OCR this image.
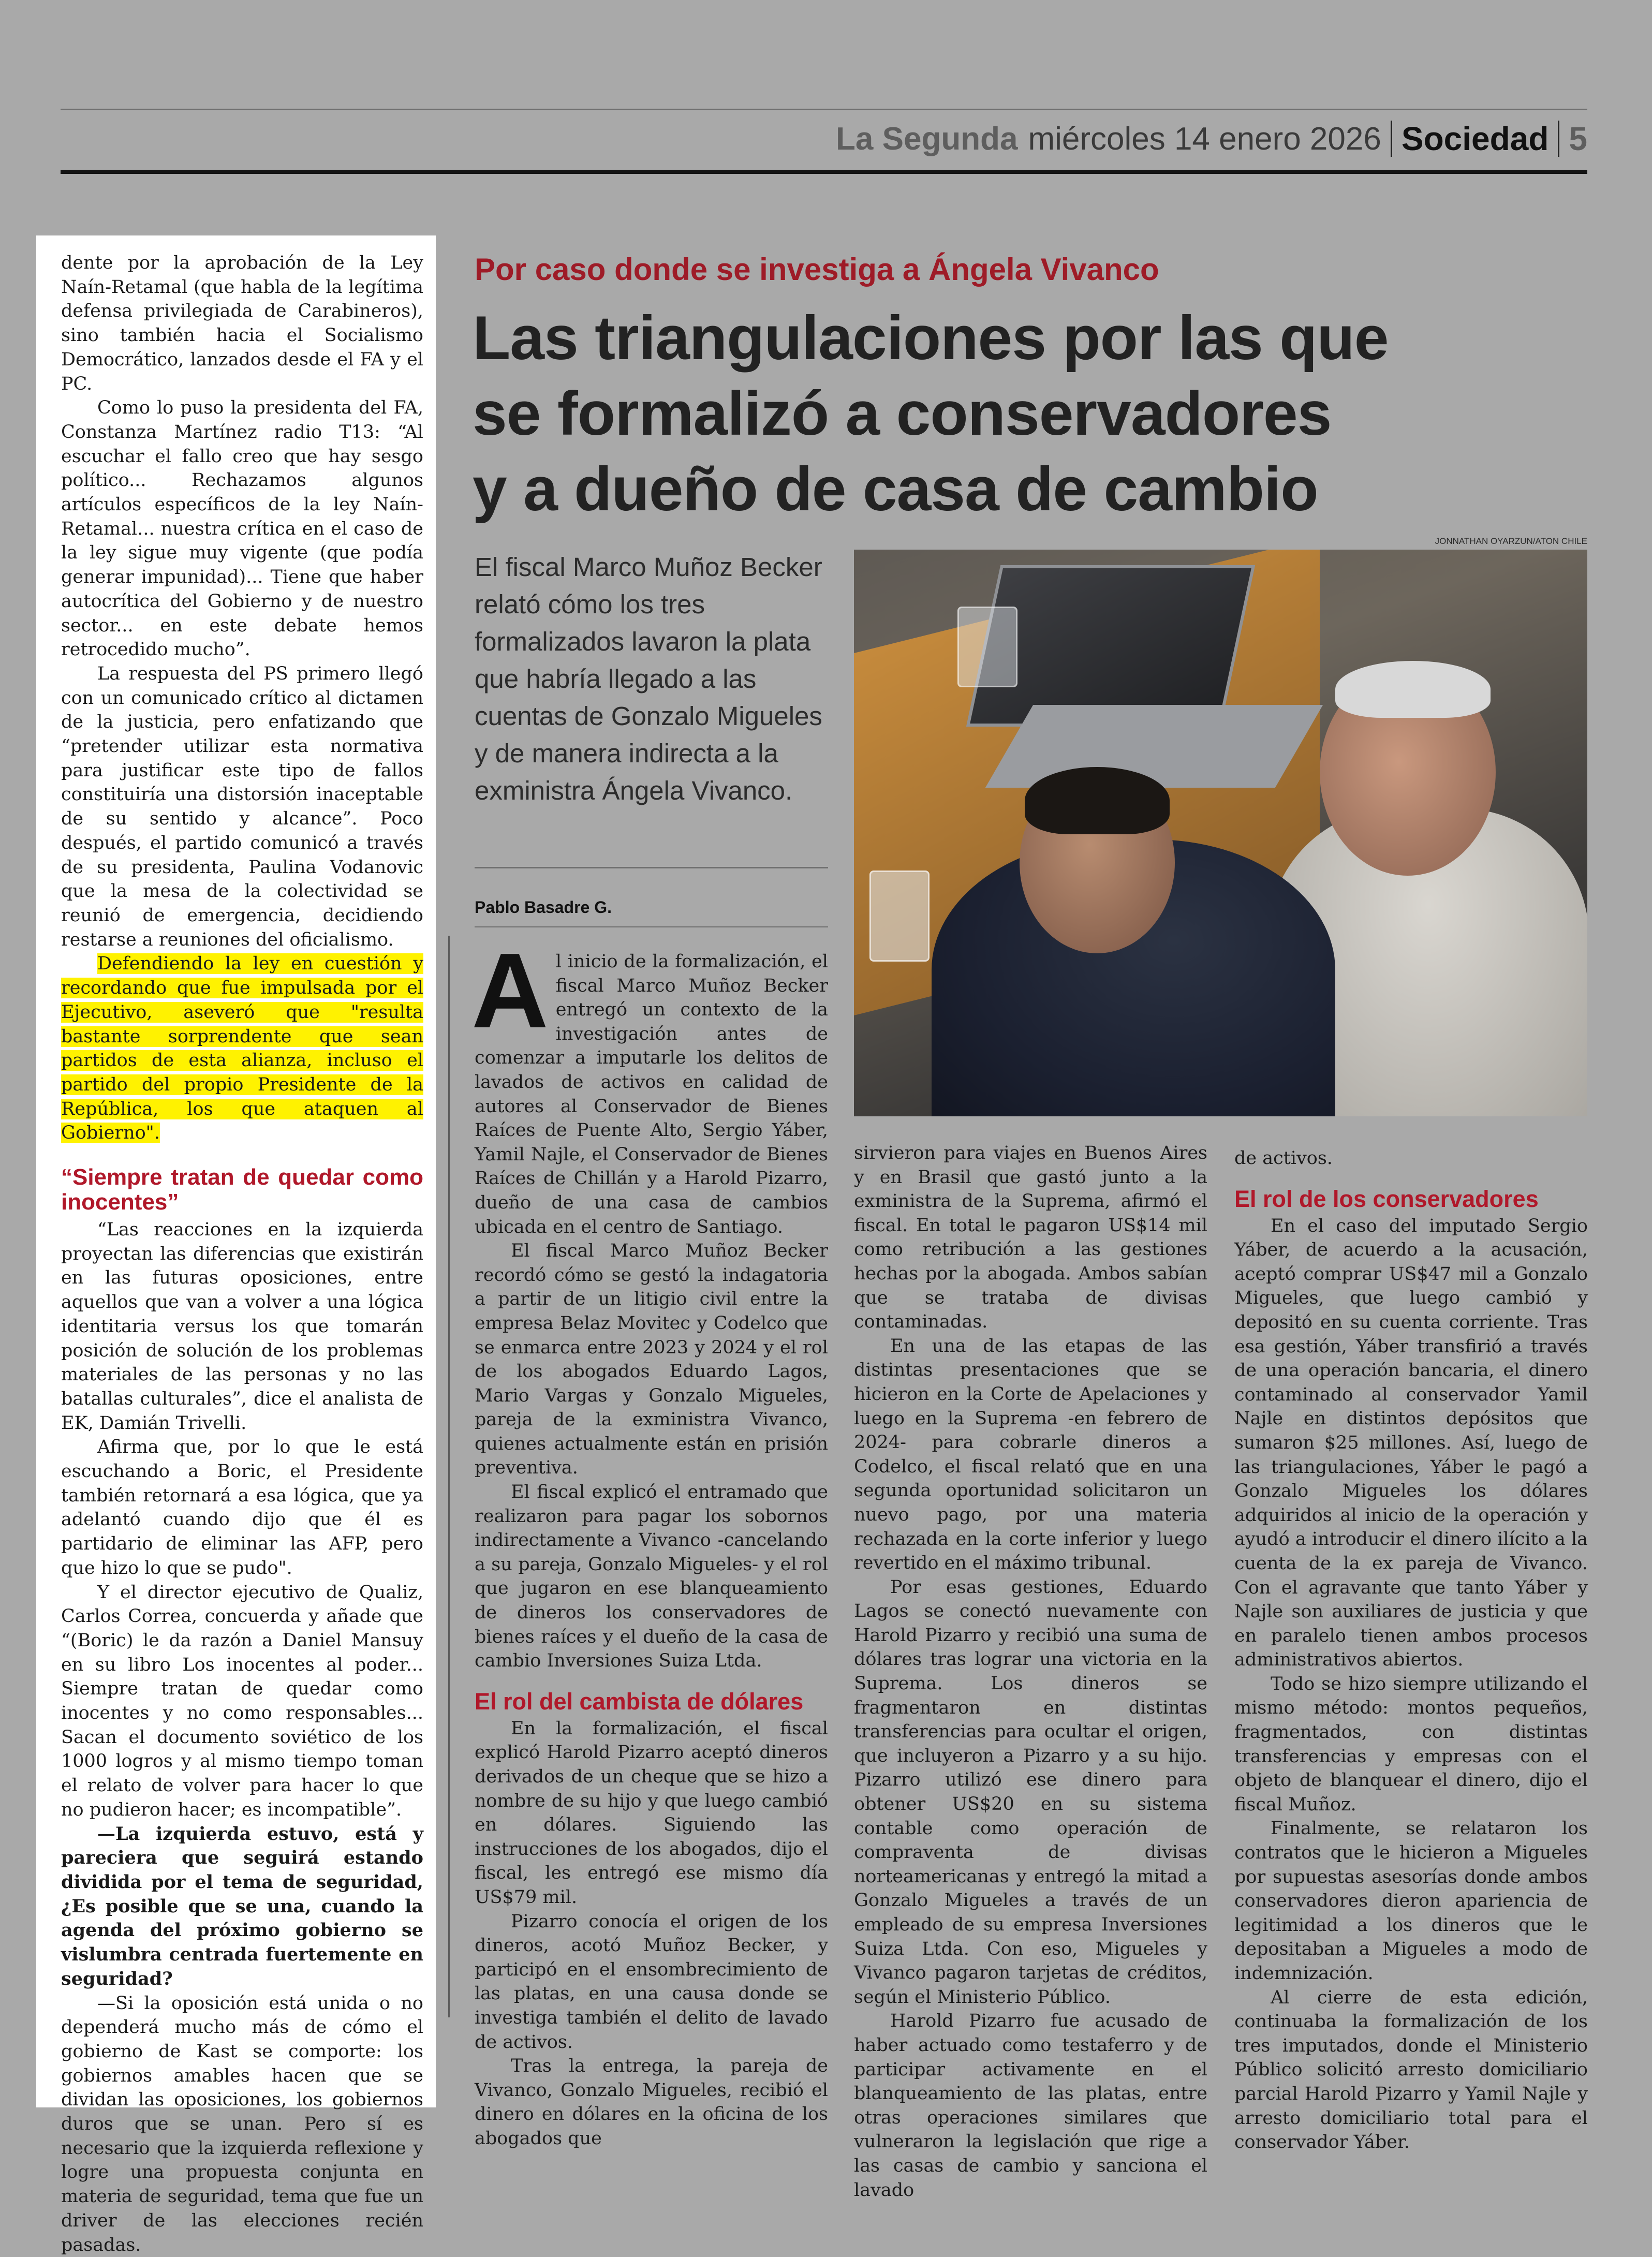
La Segunda miércoles 14 enero 2026 Sociedad 5

dente por la aprobación de la Ley Naín-Retamal (que habla de la legítima defensa privilegiada de Carabineros), sino también hacia el Socialismo Democrático, lanzados desde el FA y el PC.

Como lo puso la presidenta del FA, Constanza Martínez radio T13: “Al escuchar el fallo creo que hay sesgo político... Rechazamos algunos artículos específicos de la ley Naín-Retamal... nuestra crítica en el caso de la ley sigue muy vigente (que podía generar impunidad)... Tiene que haber autocrítica del Gobierno y de nuestro sector... en este debate hemos retrocedido mucho”.

La respuesta del PS primero llegó con un comunicado crítico al dictamen de la justicia, pero enfatizando que “pretender utilizar esta normativa para justificar este tipo de fallos constituiría una distorsión inaceptable de su sentido y alcance”. Poco después, el partido comunicó a través de su presidenta, Paulina Vodanovic que la mesa de la colectividad se reunió de emergencia, decidiendo restarse a reuniones del oficialismo.

Defendiendo la ley en cuestión y recordando que fue impulsada por el Ejecutivo, aseveró que "resulta bastante sorprendente que sean partidos de esta alianza, incluso el partido del propio Presidente de la República, los que ataquen al Gobierno".

“Siempre tratan de quedar como inocentes”

“Las reacciones en la izquierda proyectan las diferencias que existirán en las futuras oposiciones, entre aquellos que van a volver a una lógica identitaria versus los que tomarán posición de solución de los problemas materiales de las personas y no las batallas culturales”, dice el analista de EK, Damián Trivelli.

Afirma que, por lo que le está escuchando a Boric, el Presidente también retornará a esa lógica, que ya adelantó cuando dijo que él es partidario de eliminar las AFP, pero que hizo lo que se pudo".

Y el director ejecutivo de Qualiz, Carlos Correa, concuerda y añade que “(Boric) le da razón a Daniel Mansuy en su libro Los inocentes al poder... Siempre tratan de quedar como inocentes y no como responsables... Sacan el documento soviético de los 1000 logros y al mismo tiempo toman el relato de volver para hacer lo que no pudieron hacer; es incompatible”.

—La izquierda estuvo, está y pareciera que seguirá estando dividida por el tema de seguridad, ¿Es posible que se una, cuando la agenda del próximo gobierno se vislumbra centrada fuertemente en seguridad?

—Si la oposición está unida o no dependerá mucho más de cómo el gobierno de Kast se comporte: los gobiernos amables hacen que se dividan las oposiciones, los gobiernos duros que se unan. Pero sí es necesario que la izquierda reflexione y logre una propuesta conjunta en materia de seguridad, tema que fue un driver de las elecciones recién pasadas.

Por caso donde se investiga a Ángela Vivanco
Las triangulaciones por las que
se formalizó a conservadores
y a dueño de casa de cambio
JONNATHAN OYARZUN/ATON CHILE
El fiscal Marco Muñoz Becker relató cómo los tres formalizados lavaron la plata que habría llegado a las cuentas de Gonzalo Migueles y de manera indirecta a la exministra Ángela Vivanco.
Pablo Basadre G.

Al inicio de la formalización, el fiscal Marco Muñoz Becker entregó un contexto de la investigación antes de comenzar a imputarle los delitos de lavados de activos en calidad de autores al Conservador de Bienes Raíces de Puente Alto, Sergio Yáber, Yamil Najle, el Conservador de Bienes Raíces de Chillán y a Harold Pizarro, dueño de una casa de cambios ubicada en el centro de Santiago.

El fiscal Marco Muñoz Becker recordó cómo se gestó la indagatoria a partir de un litigio civil entre la empresa Belaz Movitec y Codelco que se enmarca entre 2023 y 2024 y el rol de los abogados Eduardo Lagos, Mario Vargas y Gonzalo Migueles, pareja de la exministra Vivanco, quienes actualmente están en prisión preventiva.

El fiscal explicó el entramado que realizaron para pagar los sobornos indirectamente a Vivanco -cancelando a su pareja, Gonzalo Migueles- y el rol que jugaron en ese blanqueamiento de dineros los conservadores de bienes raíces y el dueño de la casa de cambio Inversiones Suiza Ltda.

El rol del cambista de dólares

En la formalización, el fiscal explicó Harold Pizarro aceptó dineros derivados de un cheque que se hizo a nombre de su hijo y que luego cambió en dólares. Siguiendo las instrucciones de los abogados, dijo el fiscal, les entregó ese mismo día US$79 mil.

Pizarro conocía el origen de los dineros, acotó Muñoz Becker, y participó en el ensombrecimiento de las platas, en una causa donde se investiga también el delito de lavado de activos.

Tras la entrega, la pareja de Vivanco, Gonzalo Migueles, recibió el dinero en dólares en la oficina de los abogados que

sirvieron para viajes en Buenos Aires y en Brasil que gastó junto a la exministra de la Suprema, afirmó el fiscal. En total le pagaron US$14 mil como retribución a las gestiones hechas por la abogada. Ambos sabían que se trataba de divisas contaminadas.

En una de las etapas de las distintas presentaciones que se hicieron en la Corte de Apelaciones y luego en la Suprema -en febrero de 2024- para cobrarle dineros a Codelco, el fiscal relató que en una segunda oportunidad solicitaron un nuevo pago, por una materia rechazada en la corte inferior y luego revertido en el máximo tribunal.

Por esas gestiones, Eduardo Lagos se conectó nuevamente con Harold Pizarro y recibió una suma de dólares tras lograr una victoria en la Suprema. Los dineros se fragmentaron en distintas transferencias para ocultar el origen, que incluyeron a Pizarro y a su hijo. Pizarro utilizó ese dinero para obtener US$20 en su sistema contable como operación de compraventa de divisas norteamericanas y entregó la mitad a Gonzalo Migueles a través de un empleado de su empresa Inversiones Suiza Ltda. Con eso, Migueles y Vivanco pagaron tarjetas de créditos, según el Ministerio Público.

Harold Pizarro fue acusado de haber actuado como testaferro y de participar activamente en el blanqueamiento de las platas, entre otras operaciones similares que vulneraron la legislación que rige a las casas de cambio y sanciona el lavado

de activos.

El rol de los conservadores

En el caso del imputado Sergio Yáber, de acuerdo a la acusación, aceptó comprar US$47 mil a Gonzalo Migueles, que luego cambió y depositó en su cuenta corriente. Tras esa gestión, Yáber transfirió a través de una operación bancaria, el dinero contaminado al conservador Yamil Najle en distintos depósitos que sumaron $25 millones. Así, luego de las triangulaciones, Yáber le pagó a Gonzalo Migueles los dólares adquiridos al inicio de la operación y ayudó a introducir el dinero ilícito a la cuenta de la ex pareja de Vivanco. Con el agravante que tanto Yáber y Najle son auxiliares de justicia y que en paralelo tienen ambos procesos administrativos abiertos.

Todo se hizo siempre utilizando el mismo método: montos pequeños, fragmentados, con distintas transferencias y empresas con el objeto de blanquear el dinero, dijo el fiscal Muñoz.

Finalmente, se relataron los contratos que le hicieron a Migueles por supuestas asesorías donde ambos conservadores dieron apariencia de legitimidad a los dineros que le depositaban a Migueles a modo de indemnización.

Al cierre de esta edición, continuaba la formalización de los tres imputados, donde el Ministerio Público solicitó arresto domiciliario parcial Harold Pizarro y Yamil Najle y arresto domiciliario total para el conservador Yáber.
